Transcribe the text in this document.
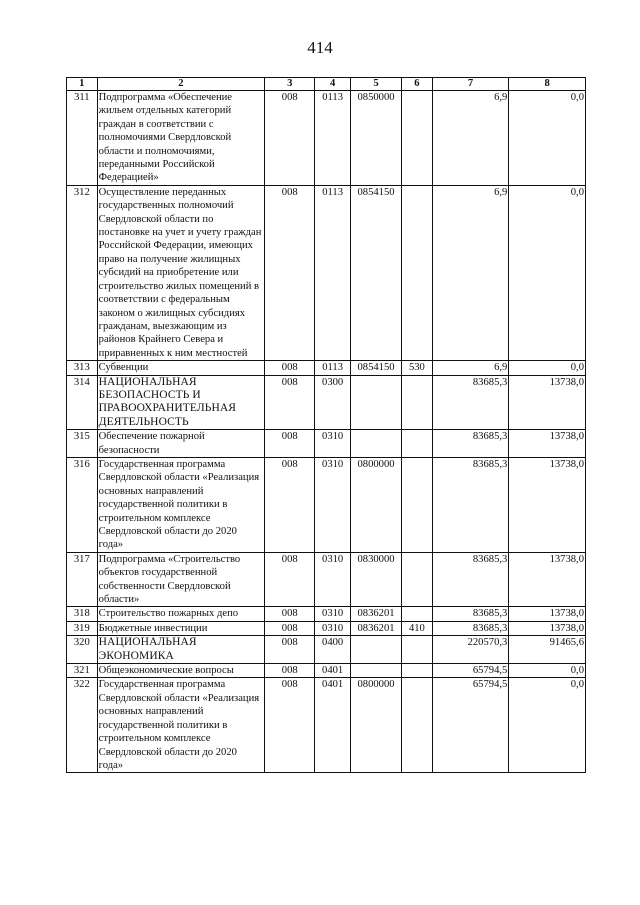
414
1	2	3	4	5	6	7	8
311	Подпрограмма «Обеспечение жильем отдельных категорий граждан в соответствии с полномочиями Свердловской области и полномочиями, переданными Российской Федерацией»	008	0113	0850000		6,9	0,0
312	Осуществление переданных государственных полномочий Свердловской области по постановке на учет и учету граждан Российской Федерации, имеющих право на получение жилищных субсидий на приобретение или строительство жилых помещений в соответствии с федеральным законом о жилищных субсидиях гражданам, выезжающим из районов Крайнего Севера и приравненных к ним местностей	008	0113	0854150		6,9	0,0
313	Субвенции	008	0113	0854150	530	6,9	0,0
314	НАЦИОНАЛЬНАЯ БЕЗОПАСНОСТЬ И ПРАВООХРАНИТЕЛЬНАЯ ДЕЯТЕЛЬНОСТЬ	008	0300			83685,3	13738,0
315	Обеспечение пожарной безопасности	008	0310			83685,3	13738,0
316	Государственная программа Свердловской области «Реализация основных направлений государственной политики в строительном комплексе Свердловской области до 2020 года»	008	0310	0800000		83685,3	13738,0
317	Подпрограмма «Строительство объектов государственной собственности Свердловской области»	008	0310	0830000		83685,3	13738,0
318	Строительство пожарных депо	008	0310	0836201		83685,3	13738,0
319	Бюджетные инвестиции	008	0310	0836201	410	83685,3	13738,0
320	НАЦИОНАЛЬНАЯ ЭКОНОМИКА	008	0400			220570,3	91465,6
321	Общеэкономические вопросы	008	0401			65794,5	0,0
322	Государственная программа Свердловской области «Реализация основных направлений государственной политики в строительном комплексе Свердловской области до 2020 года»	008	0401	0800000		65794,5	0,0
